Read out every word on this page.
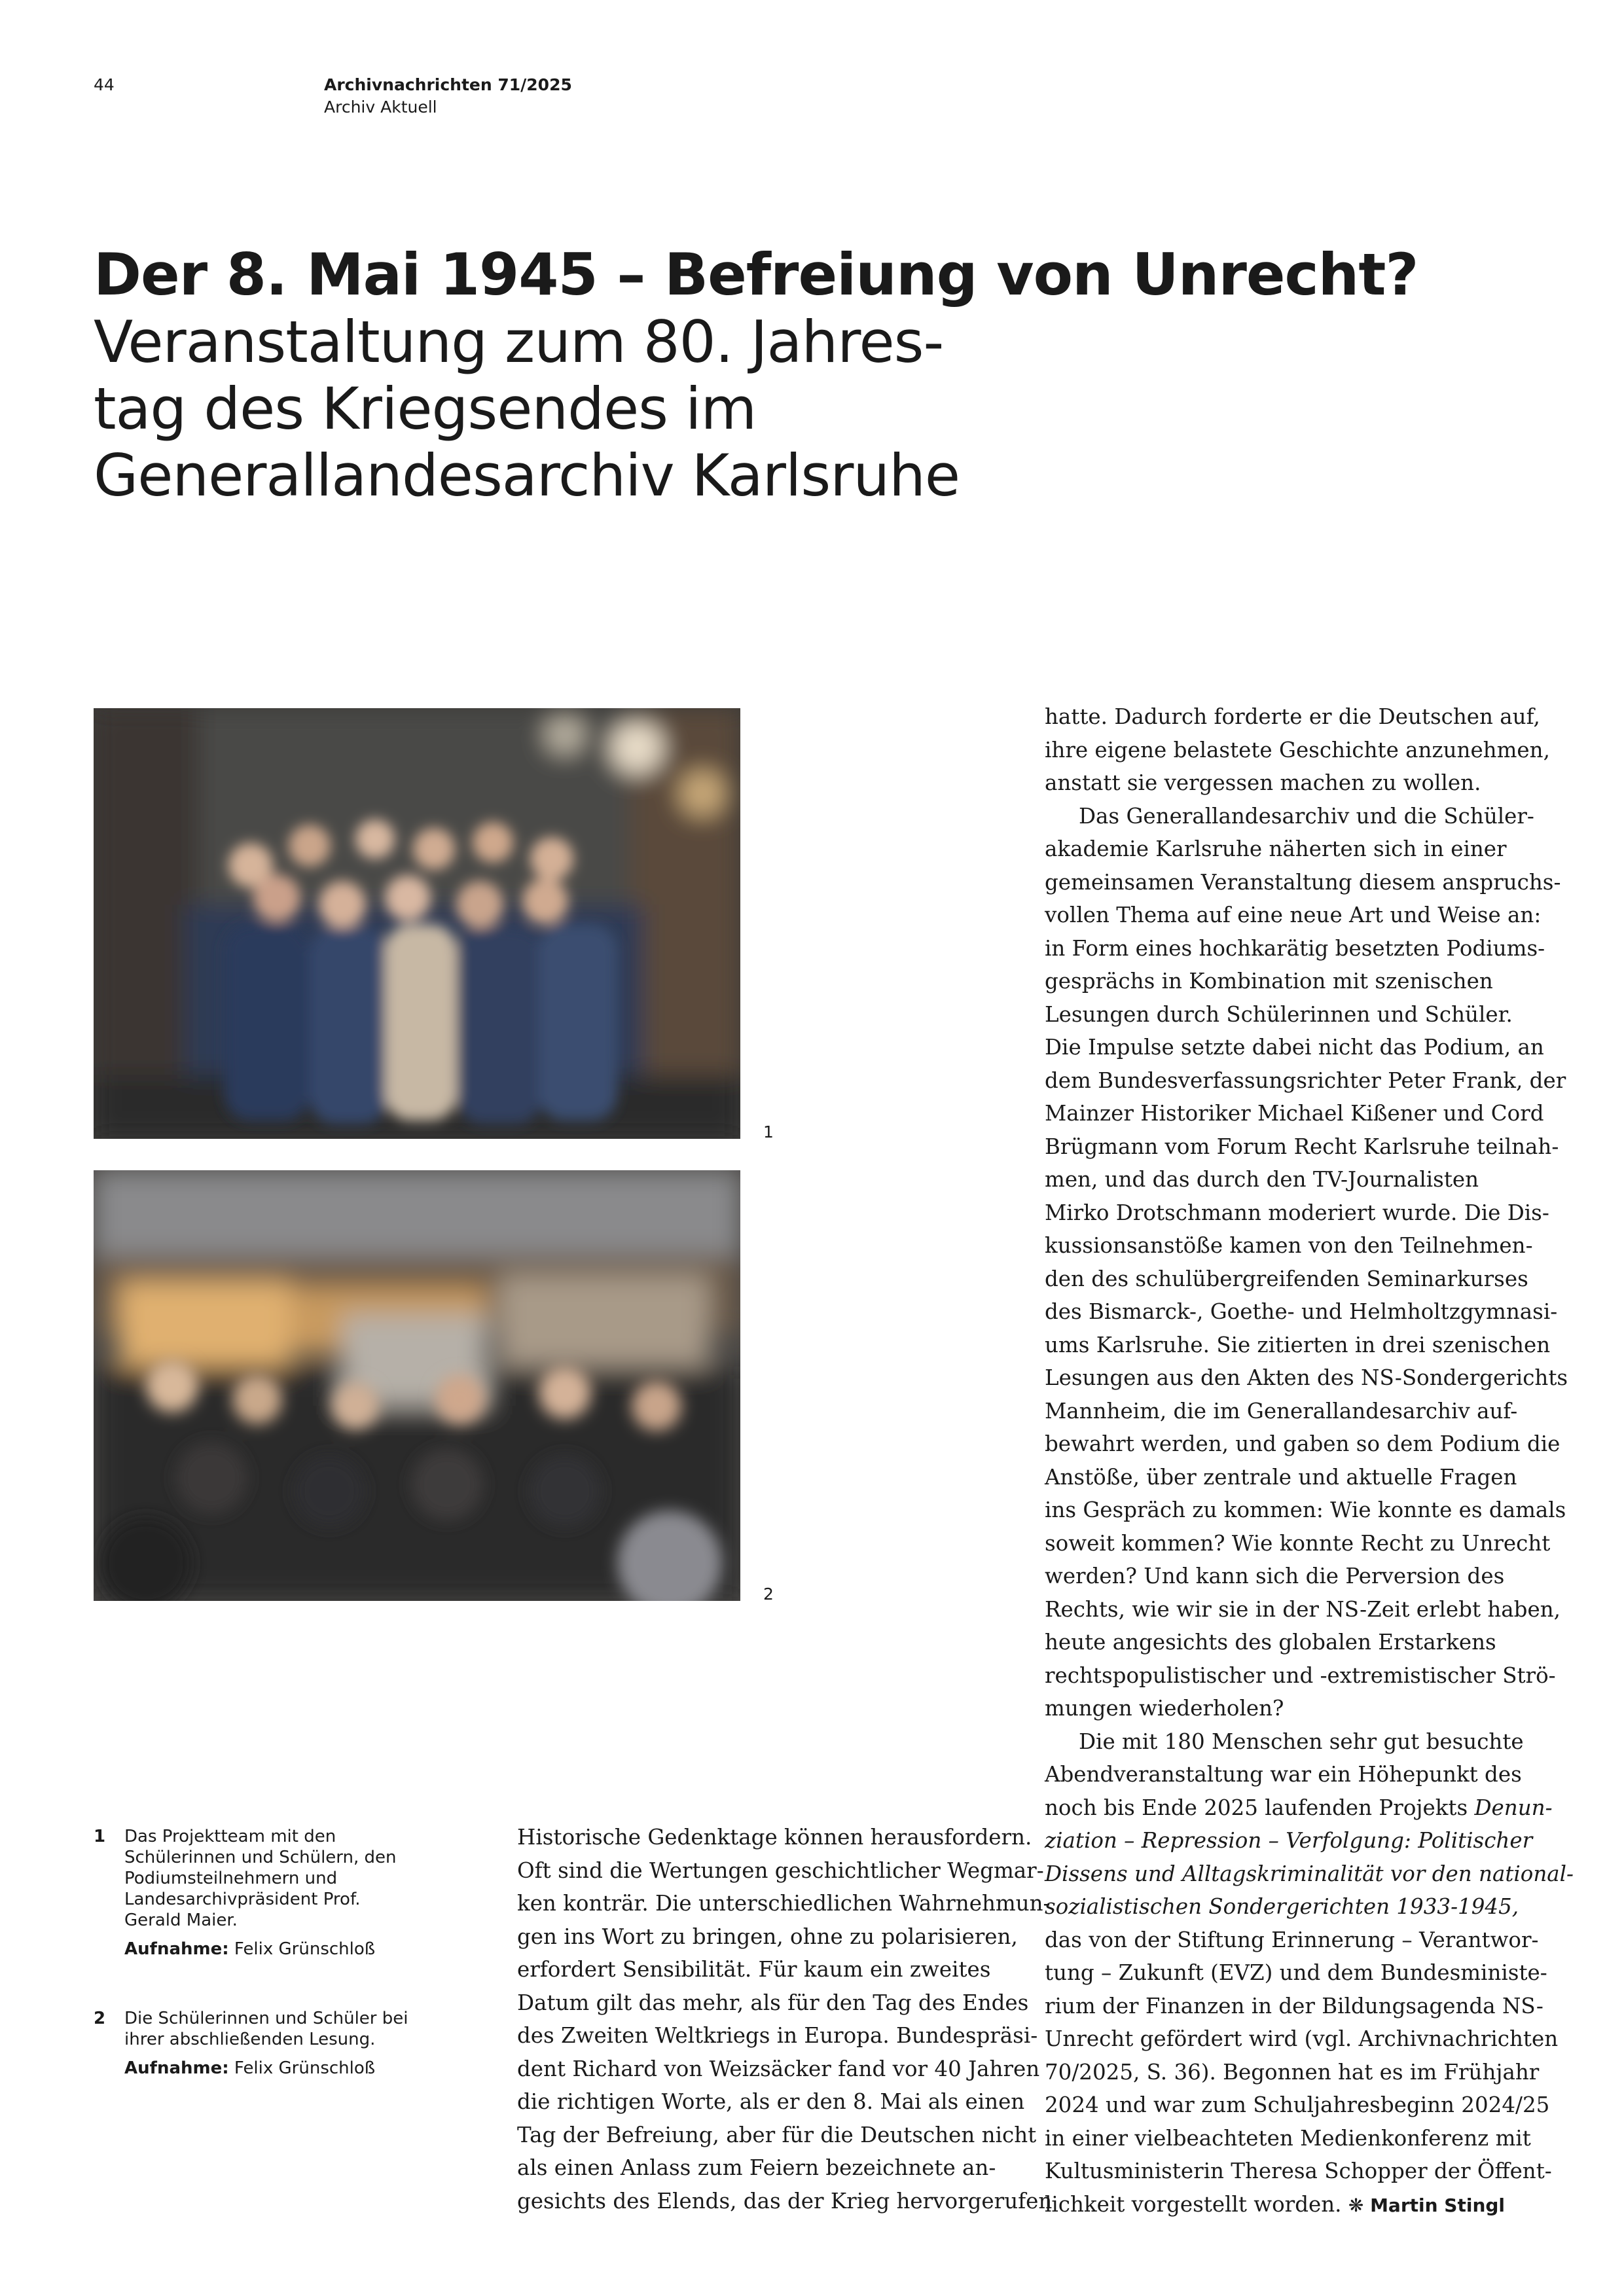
44	Archivnachrichten 71/2025
Archiv Aktuell
Der 8. Mai 1945 – Befreiung von Unrecht?
Veranstaltung zum 80. Jahres-
tag des Kriegsendes im
Generallandesarchiv Karlsruhe
1
2
1 Das Projektteam mit den Schülerinnen und Schülern, den Podiumsteilnehmern und Landesarchivpräsident Prof. Gerald Maier.
Aufnahme: Felix Grünschloß
2 Die Schülerinnen und Schüler bei ihrer abschließenden Lesung.
Aufnahme: Felix Grünschloß
Historische Gedenktage können herausfordern.
Oft sind die Wertungen geschichtlicher Wegmar-
ken konträr. Die unterschiedlichen Wahrnehmun-
gen ins Wort zu bringen, ohne zu polarisieren,
erfordert Sensibilität. Für kaum ein zweites
Datum gilt das mehr, als für den Tag des Endes
des Zweiten Weltkriegs in Europa. Bundespräsi-
dent Richard von Weizsäcker fand vor 40 Jahren
die richtigen Worte, als er den 8. Mai als einen
Tag der Befreiung, aber für die Deutschen nicht
als einen Anlass zum Feiern bezeichnete an-
gesichts des Elends, das der Krieg hervorgerufen
hatte. Dadurch forderte er die Deutschen auf,
ihre eigene belastete Geschichte anzunehmen,
anstatt sie vergessen machen zu wollen.
Das Generallandesarchiv und die Schüler-
akademie Karlsruhe näherten sich in einer
gemeinsamen Veranstaltung diesem anspruchs-
vollen Thema auf eine neue Art und Weise an:
in Form eines hochkarätig besetzten Podiums-
gesprächs in Kombination mit szenischen
Lesungen durch Schülerinnen und Schüler.
Die Impulse setzte dabei nicht das Podium, an
dem Bundesverfassungsrichter Peter Frank, der
Mainzer Historiker Michael Kißener und Cord
Brügmann vom Forum Recht Karlsruhe teilnah-
men, und das durch den TV-Journalisten
Mirko Drotschmann moderiert wurde. Die Dis-
kussionsanstöße kamen von den Teilnehmen-
den des schulübergreifenden Seminarkurses
des Bismarck-, Goethe- und Helmholtzgymnasi-
ums Karlsruhe. Sie zitierten in drei szenischen
Lesungen aus den Akten des NS-Sondergerichts
Mannheim, die im Generallandesarchiv auf-
bewahrt werden, und gaben so dem Podium die
Anstöße, über zentrale und aktuelle Fragen
ins Gespräch zu kommen: Wie konnte es damals
soweit kommen? Wie konnte Recht zu Unrecht
werden? Und kann sich die Perversion des
Rechts, wie wir sie in der NS-Zeit erlebt haben,
heute angesichts des globalen Erstarkens
rechtspopulistischer und -extremistischer Strö-
mungen wiederholen?
Die mit 180 Menschen sehr gut besuchte
Abendveranstaltung war ein Höhepunkt des
noch bis Ende 2025 laufenden Projekts Denun-
ziation – Repression – Verfolgung: Politischer
Dissens und Alltagskriminalität vor den national-
sozialistischen Sondergerichten 1933-1945,
das von der Stiftung Erinnerung – Verantwor-
tung – Zukunft (EVZ) und dem Bundesministe-
rium der Finanzen in der Bildungsagenda NS-
Unrecht gefördert wird (vgl. Archivnachrichten
70/2025, S. 36). Begonnen hat es im Frühjahr
2024 und war zum Schuljahresbeginn 2024/25
in einer vielbeachteten Medienkonferenz mit
Kultusministerin Theresa Schopper der Öffent-
lichkeit vorgestellt worden. ❋ Martin Stingl
